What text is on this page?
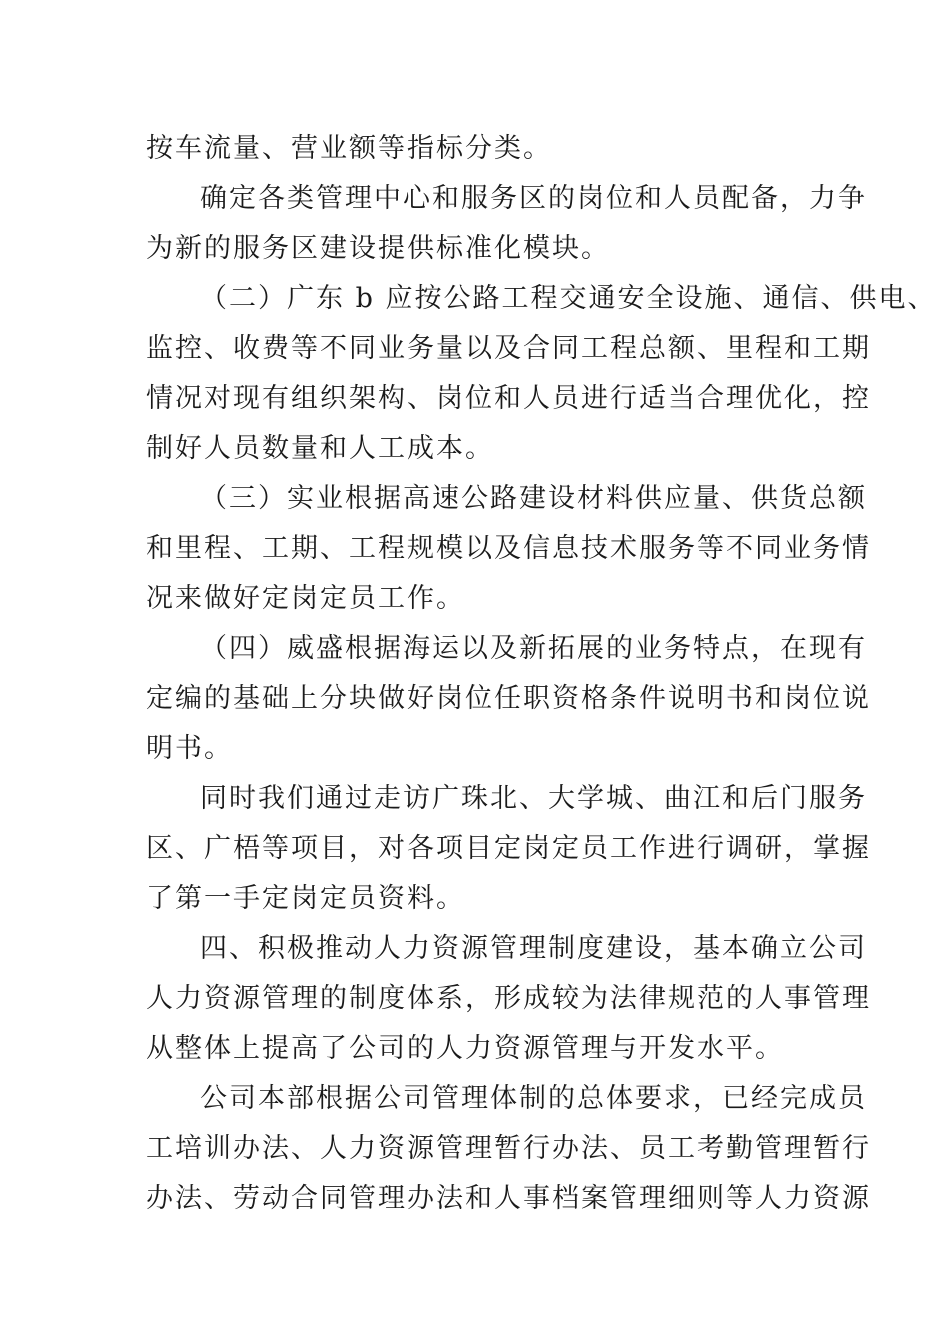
按车流量、营业额等指标分类。

确定各类管理中心和服务区的岗位和人员配备，力争
为新的服务区建设提供标准化模块。

（二）广东 b 应按公路工程交通安全设施、通信、供电、
监控、收费等不同业务量以及合同工程总额、里程和工期
情况对现有组织架构、岗位和人员进行适当合理优化，控
制好人员数量和人工成本。

（三）实业根据高速公路建设材料供应量、供货总额
和里程、工期、工程规模以及信息技术服务等不同业务情
况来做好定岗定员工作。

（四）威盛根据海运以及新拓展的业务特点，在现有
定编的基础上分块做好岗位任职资格条件说明书和岗位说
明书。

同时我们通过走访广珠北、大学城、曲江和后门服务
区、广梧等项目，对各项目定岗定员工作进行调研，掌握
了第一手定岗定员资料。

四、积极推动人力资源管理制度建设，基本确立公司
人力资源管理的制度体系，形成较为法律规范的人事管理
从整体上提高了公司的人力资源管理与开发水平。

公司本部根据公司管理体制的总体要求，已经完成员
工培训办法、人力资源管理暂行办法、员工考勤管理暂行
办法、劳动合同管理办法和人事档案管理细则等人力资源
